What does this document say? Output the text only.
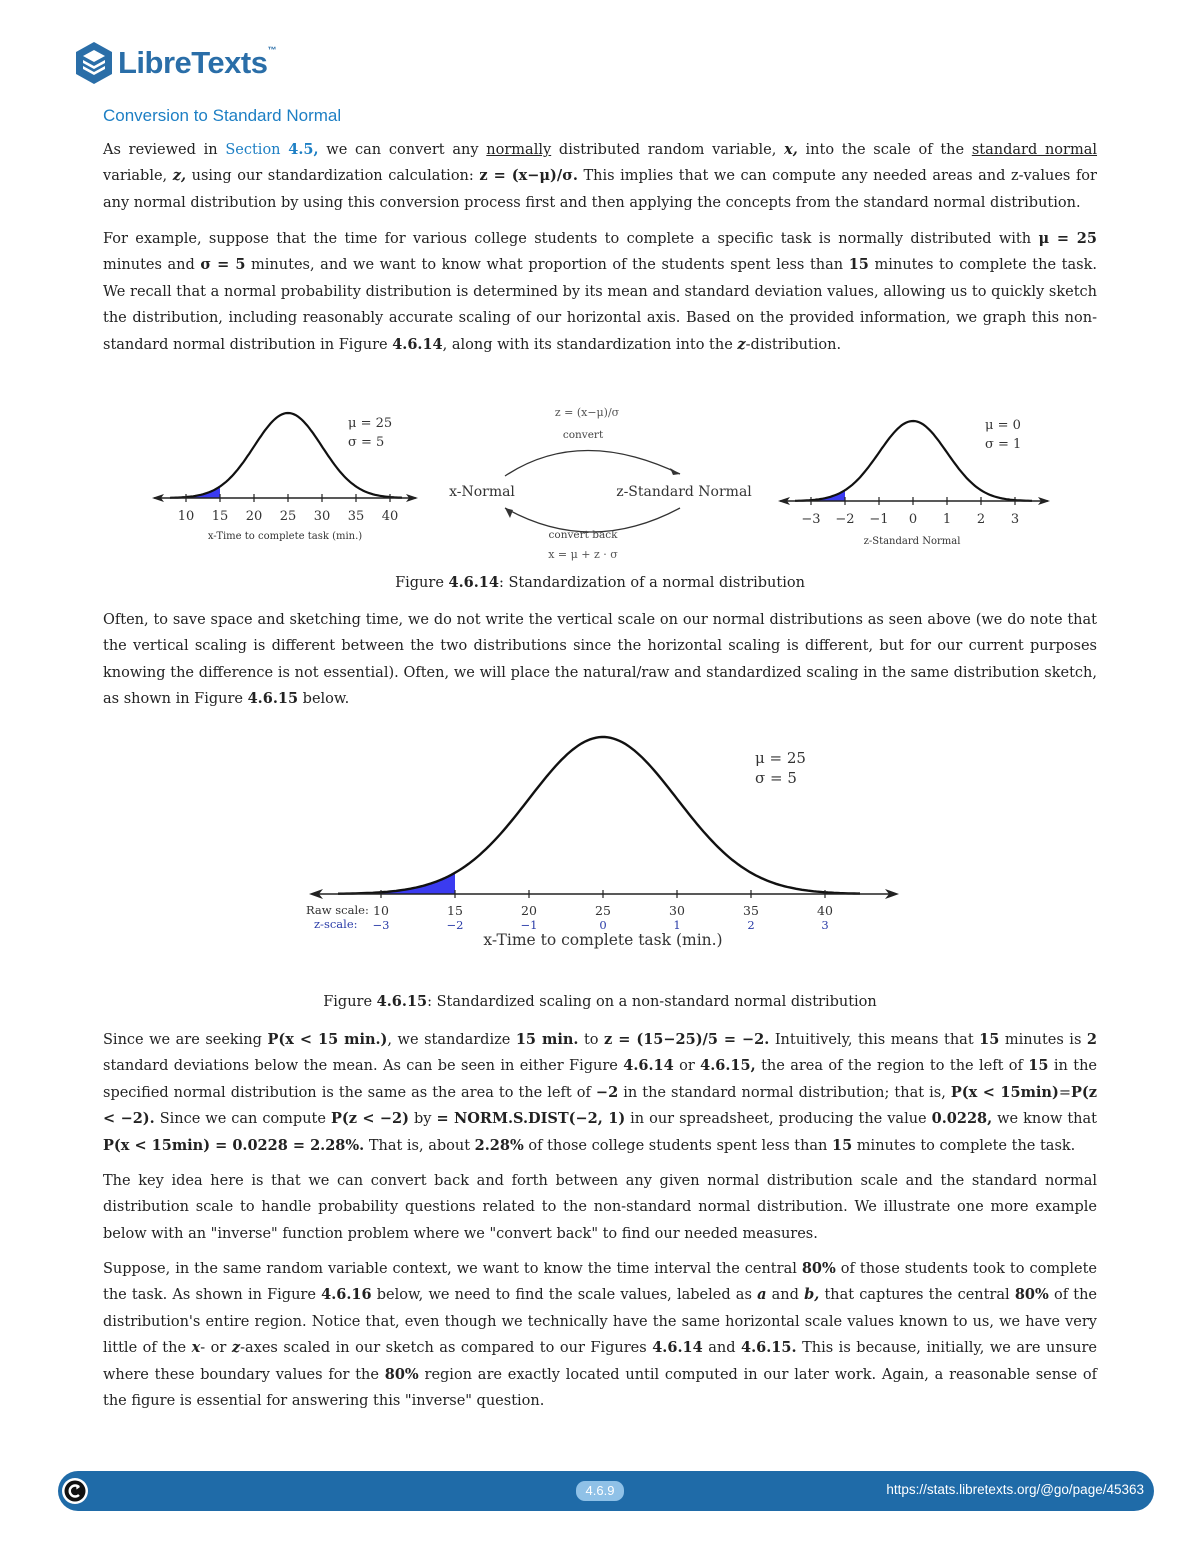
LibreTexts™
Conversion to Standard Normal
As reviewed in Section 4.5, we can convert any normally distributed random variable, x, into the scale of the standard normal variable, z, using our standardization calculation: z = (x−μ)/σ. This implies that we can compute any needed areas and z-values for any normal distribution by using this conversion process first and then applying the concepts from the standard normal distribution.
For example, suppose that the time for various college students to complete a specific task is normally distributed with μ = 25 minutes and σ = 5 minutes, and we want to know what proportion of the students spent less than 15 minutes to complete the task. We recall that a normal probability distribution is determined by its mean and standard deviation values, allowing us to quickly sketch the distribution, including reasonably accurate scaling of our horizontal axis. Based on the provided information, we graph this non-standard normal distribution in Figure 4.6.14, along with its standardization into the z-distribution.
10 15 20 25 30 35 40
μ = 25
σ = 5
x-Time to complete task (min.)
z = (x−μ)/σ
convert
x-Normal	z-Standard Normal
convert back
x = μ + z · σ
−3 −2 −1 0 1 2 3
μ = 0
σ = 1
z-Standard Normal
Figure 4.6.14: Standardization of a normal distribution
Often, to save space and sketching time, we do not write the vertical scale on our normal distributions as seen above (we do note that the vertical scaling is different between the two distributions since the horizontal scaling is different, but for our current purposes knowing the difference is not essential). Often, we will place the natural/raw and standardized scaling in the same distribution sketch, as shown in Figure 4.6.15 below.
10	15	20	25	30	35	40
−3	−2	−1	0	1	2	3
Raw scale:
z-scale:
x-Time to complete task (min.)
μ = 25
σ = 5
Figure 4.6.15: Standardized scaling on a non-standard normal distribution
Since we are seeking P(x < 15 min.), we standardize 15 min. to z = (15−25)/5 = −2. Intuitively, this means that 15 minutes is 2 standard deviations below the mean. As can be seen in either Figure 4.6.14 or 4.6.15, the area of the region to the left of 15 in the specified normal distribution is the same as the area to the left of −2 in the standard normal distribution; that is, P(x < 15min)=P(z < −2). Since we can compute P(z < −2) by = NORM.S.DIST(−2, 1) in our spreadsheet, producing the value 0.0228, we know that P(x < 15min) = 0.0228 = 2.28%. That is, about 2.28% of those college students spent less than 15 minutes to complete the task.
The key idea here is that we can convert back and forth between any given normal distribution scale and the standard normal distribution scale to handle probability questions related to the non-standard normal distribution. We illustrate one more example below with an "inverse" function problem where we "convert back" to find our needed measures.
Suppose, in the same random variable context, we want to know the time interval the central 80% of those students took to complete the task. As shown in Figure 4.6.16 below, we need to find the scale values, labeled as a and b, that captures the central 80% of the distribution's entire region. Notice that, even though we technically have the same horizontal scale values known to us, we have very little of the x- or z-axes scaled in our sketch as compared to our Figures 4.6.14 and 4.6.15. This is because, initially, we are unsure where these boundary values for the 80% region are exactly located until computed in our later work. Again, a reasonable sense of the figure is essential for answering this "inverse" question.
4.6.9	https://stats.libretexts.org/@go/page/45363
